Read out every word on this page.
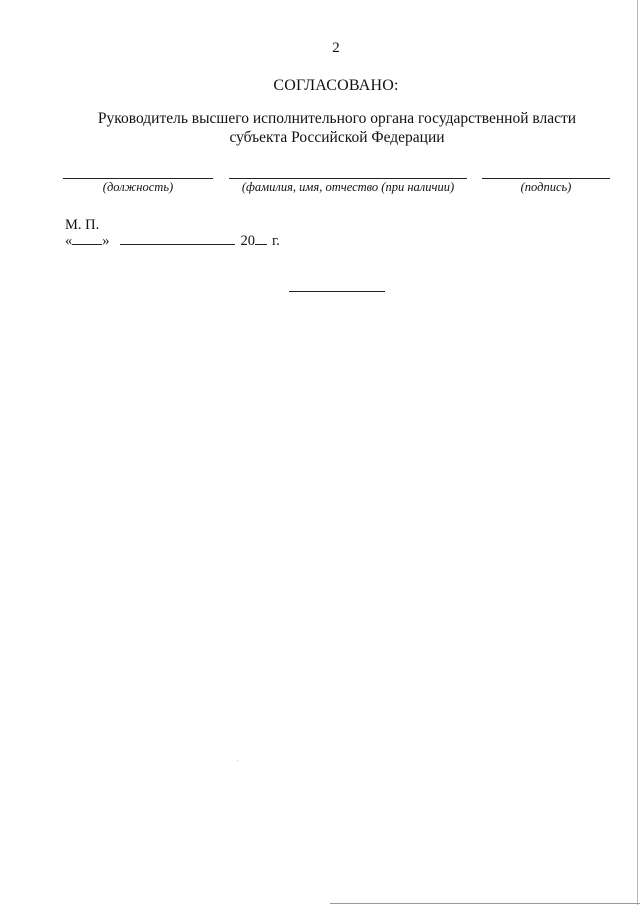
2
СОГЛАСОВАНО:
Руководитель высшего исполнительного органа государственной власти
субъекта Российской Федерации
(должность)	(фамилия, имя, отчество (при наличии)	(подпись)
М. П.
« »	20 г.
